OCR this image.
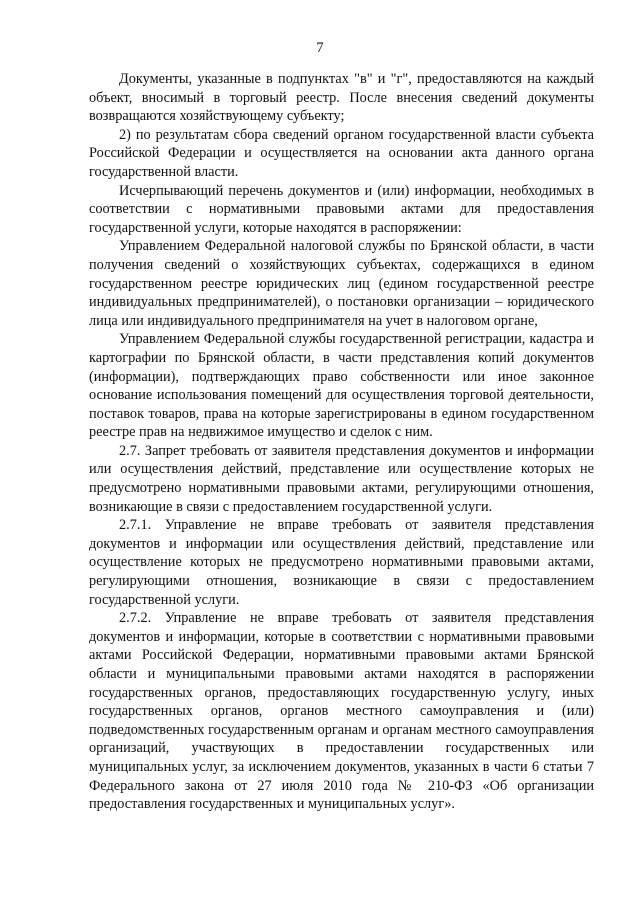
7

Документы, указанные в подпунктах "в" и "г", предоставляются на каждый объект, вносимый в торговый реестр. После внесения сведений документы возвращаются хозяйствующему субъекту;

2) по результатам сбора сведений органом государственной власти субъекта Российской Федерации и осуществляется на основании акта данного органа государственной власти.

Исчерпывающий перечень документов и (или) информации, необходимых в соответствии с нормативными правовыми актами для предоставления государственной услуги, которые находятся в распоряжении:

Управлением Федеральной налоговой службы по Брянской области, в части получения сведений о хозяйствующих субъектах, содержащихся в едином государственном реестре юридических лиц (едином государственной реестре индивидуальных предпринимателей), о постановки организации – юридического лица или индивидуального предпринимателя на учет в налоговом органе,

Управлением Федеральной службы государственной регистрации, кадастра и картографии по Брянской области, в части представления копий документов (информации), подтверждающих право собственности или иное законное основание использования помещений для осуществления торговой деятельности, поставок товаров, права на которые зарегистрированы в едином государственном реестре прав на недвижимое имущество и сделок с ним.

2.7. Запрет требовать от заявителя представления документов и информации или осуществления действий, представление или осуществление которых не предусмотрено нормативными правовыми актами, регулирующими отношения, возникающие в связи с предоставлением государственной услуги.

2.7.1. Управление не вправе требовать от заявителя представления документов и информации или осуществления действий, представление или осуществление которых не предусмотрено нормативными правовыми актами, регулирующими отношения, возникающие в связи с предоставлением государственной услуги.

2.7.2. Управление не вправе требовать от заявителя представления документов и информации, которые в соответствии с нормативными правовыми актами Российской Федерации, нормативными правовыми актами Брянской области и муниципальными правовыми актами находятся в распоряжении государственных органов, предоставляющих государственную услугу, иных государственных органов, органов местного самоуправления и (или) подведомственных государственным органам и органам местного самоуправления организаций, участвующих в предоставлении государственных или муниципальных услуг, за исключением документов, указанных в части 6 статьи 7 Федерального закона от 27 июля 2010 года № 210-ФЗ «Об организации предоставления государственных и муниципальных услуг».
